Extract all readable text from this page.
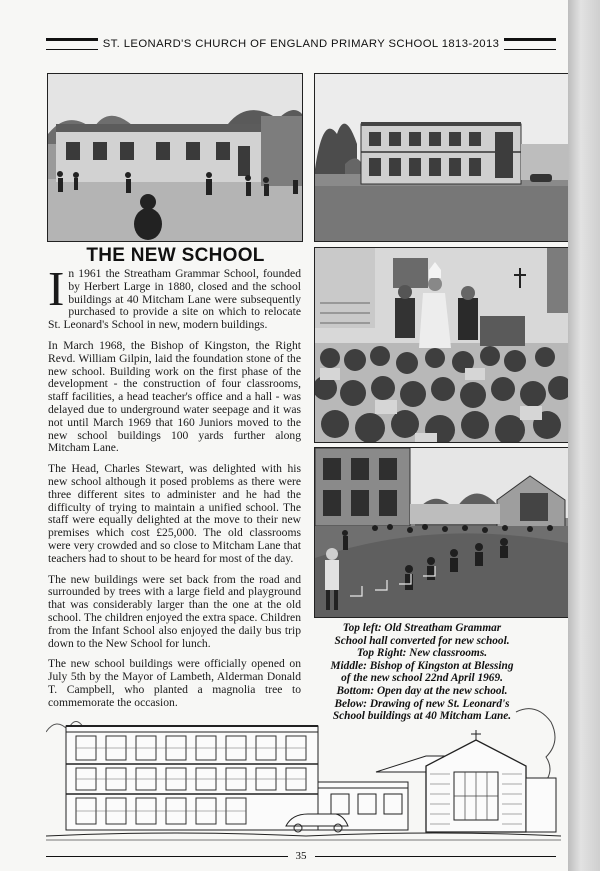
ST. LEONARD'S CHURCH OF ENGLAND PRIMARY SCHOOL 1813-2013
THE NEW SCHOOL

In 1961 the Streatham Grammar School, founded by Herbert Large in 1880, closed and the school buildings at 40 Mitcham Lane were subsequently purchased to provide a site on which to relocate St. Leonard's School in new, modern buildings.

In March 1968, the Bishop of Kingston, the Right Revd. William Gilpin, laid the foundation stone of the new school. Building work on the first phase of the development - the construction of four classrooms, staff facilities, a head teacher's office and a hall - was delayed due to underground water seepage and it was not until March 1969 that 160 Juniors moved to the new school buildings 100 yards further along Mitcham Lane.

The Head, Charles Stewart, was delighted with his new school although it posed problems as there were three different sites to administer and he had the difficulty of trying to maintain a unified school. The staff were equally delighted at the move to their new premises which cost £25,000. The old classrooms were very crowded and so close to Mitcham Lane that teachers had to shout to be heard for most of the day.

The new buildings were set back from the road and surrounded by trees with a large field and playground that was considerably larger than the one at the old school. The children enjoyed the extra space. Children from the Infant School also enjoyed the daily bus trip down to the New School for lunch.

The new school buildings were officially opened on July 5th by the Mayor of Lambeth, Alderman Donald T. Campbell, who planted a magnolia tree to commemorate the occasion.

Top left: Old Streatham Grammar
School hall converted for new school.
Top Right: New classrooms.
Middle: Bishop of Kingston at Blessing
of the new school 22nd April 1969.
Bottom: Open day at the new school.
Below: Drawing of new St. Leonard's
School buildings at 40 Mitcham Lane.
35
